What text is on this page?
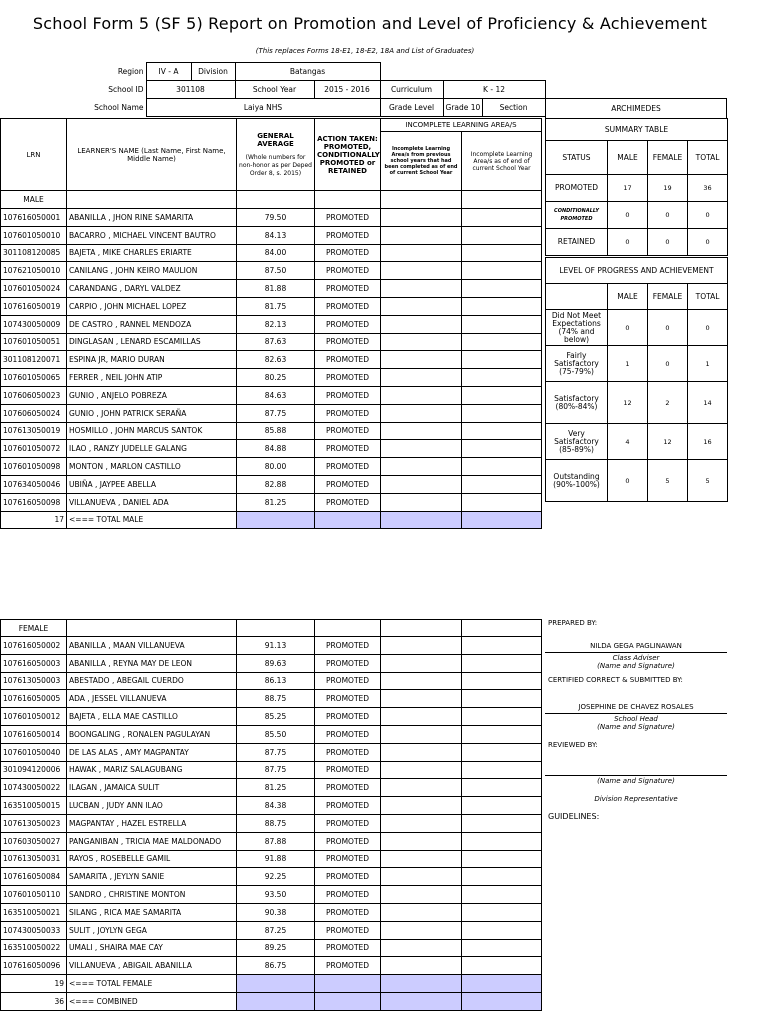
School Form 5 (SF 5) Report on Promotion and Level of Proficiency & Achievement
(This replaces Forms 18-E1, 18-E2, 18A and List of Graduates)
Region	IV - A	Division	Batangas				
School ID	301108		School Year	2015 - 2016	Curriculum	K - 12	
School Name	Laiya NHS				Grade Level	Grade 10	Section
LRN	LEARNER'S NAME (Last Name, First Name, Middle Name)	GENERAL AVERAGE
(Whole numbers for non-honor as per Deped Order 8, s. 2015)	ACTION TAKEN: PROMOTED, CONDITIONALLY PROMOTED or RETAINED	INCOMPLETE LEARNING AREA/S	
				Incomplete Learning Area/s from previous school years that had been completed as of end of current School Year	Incomplete Learning Area/s as of end of current School Year
MALE					
107616050001	ABANILLA , JHON RINE SAMARITA	79.50	PROMOTED		
107601050010	BACARRO , MICHAEL VINCENT BAUTRO	84.13	PROMOTED		
301108120085	BAJETA , MIKE CHARLES ERIARTE	84.00	PROMOTED		
107621050010	CANILANG , JOHN KEIRO MAULION	87.50	PROMOTED		
107601050024	CARANDANG , DARYL VALDEZ	81.88	PROMOTED		
107616050019	CARPIO , JOHN MICHAEL LOPEZ	81.75	PROMOTED		
107430050009	DE CASTRO , RANNEL MENDOZA	82.13	PROMOTED		
107601050051	DINGLASAN , LENARD ESCAMILLAS	87.63	PROMOTED		
301108120071	ESPINA JR, MARIO DURAN	82.63	PROMOTED		
107601050065	FERRER , NEIL JOHN ATIP	80.25	PROMOTED		
107606050023	GUNIO , ANJELO POBREZA	84.63	PROMOTED		
107606050024	GUNIO , JOHN PATRICK SERAÑA	87.75	PROMOTED		
107613050019	HOSMILLO , JOHN MARCUS SANTOK	85.88	PROMOTED		
107601050072	ILAO , RANZY JUDELLE GALANG	84.88	PROMOTED		
107601050098	MONTON , MARLON CASTILLO	80.00	PROMOTED		
107634050046	UBIÑA , JAYPEE ABELLA	82.88	PROMOTED		
107616050098	VILLANUEVA , DANIEL ADA	81.25	PROMOTED		
17	<=== TOTAL MALE				
FEMALE					
107616050002	ABANILLA , MAAN VILLANUEVA	91.13	PROMOTED		
107616050003	ABANILLA , REYNA MAY DE LEON	89.63	PROMOTED		
107613050003	ABESTADO , ABEGAIL CUERDO	86.13	PROMOTED		
107616050005	ADA , JESSEL VILLANUEVA	88.75	PROMOTED		
107601050012	BAJETA , ELLA MAE CASTILLO	85.25	PROMOTED		
107616050014	BOONGALING , RONALEN PAGULAYAN	85.50	PROMOTED		
107601050040	DE LAS ALAS , AMY MAGPANTAY	87.75	PROMOTED		
301094120006	HAWAK , MARIZ SALAGUBANG	87.75	PROMOTED		
107430050022	ILAGAN , JAMAICA SULIT	81.25	PROMOTED		
163510050015	LUCBAN , JUDY ANN ILAO	84.38	PROMOTED		
107613050023	MAGPANTAY , HAZEL ESTRELLA	88.75	PROMOTED		
107603050027	PANGANIBAN , TRICIA MAE MALDONADO	87.88	PROMOTED		
107613050031	RAYOS , ROSEBELLE GAMIL	91.88	PROMOTED		
107616050084	SAMARITA , JEYLYN SANIE	92.25	PROMOTED		
107601050110	SANDRO , CHRISTINE MONTON	93.50	PROMOTED		
163510050021	SILANG , RICA MAE SAMARITA	90.38	PROMOTED		
107430050033	SULIT , JOYLYN GEGA	87.25	PROMOTED		
163510050022	UMALI , SHAIRA MAE CAY	89.25	PROMOTED		
107616050096	VILLANUEVA , ABIGAIL ABANILLA	86.75	PROMOTED		
19	<=== TOTAL FEMALE				
36	<=== COMBINED				
ARCHIMEDES
SUMMARY TABLE			
STATUS	MALE	FEMALE	TOTAL
PROMOTED	17	19	36
CONDITIONALLY PROMOTED	0	0	0
RETAINED	0	0	0
LEVEL OF PROGRESS AND ACHIEVEMENT			
	MALE	FEMALE	TOTAL
Did Not Meet Expectations (74% and below)	0	0	0
Fairly Satisfactory (75-79%)	1	0	1
Satisfactory (80%-84%)	12	2	14
Very Satisfactory (85-89%)	4	12	16
Outstanding (90%-100%)	0	5	5
PREPARED BY:
NILDA GEGA PAGLINAWAN
Class Adviser
(Name and Signature)
CERTIFIED CORRECT & SUBMITTED BY:
JOSEPHINE DE CHAVEZ ROSALES
School Head
(Name and Signature)
REVIEWED BY:
(Name and Signature)
Division Representative
GUIDELINES:
